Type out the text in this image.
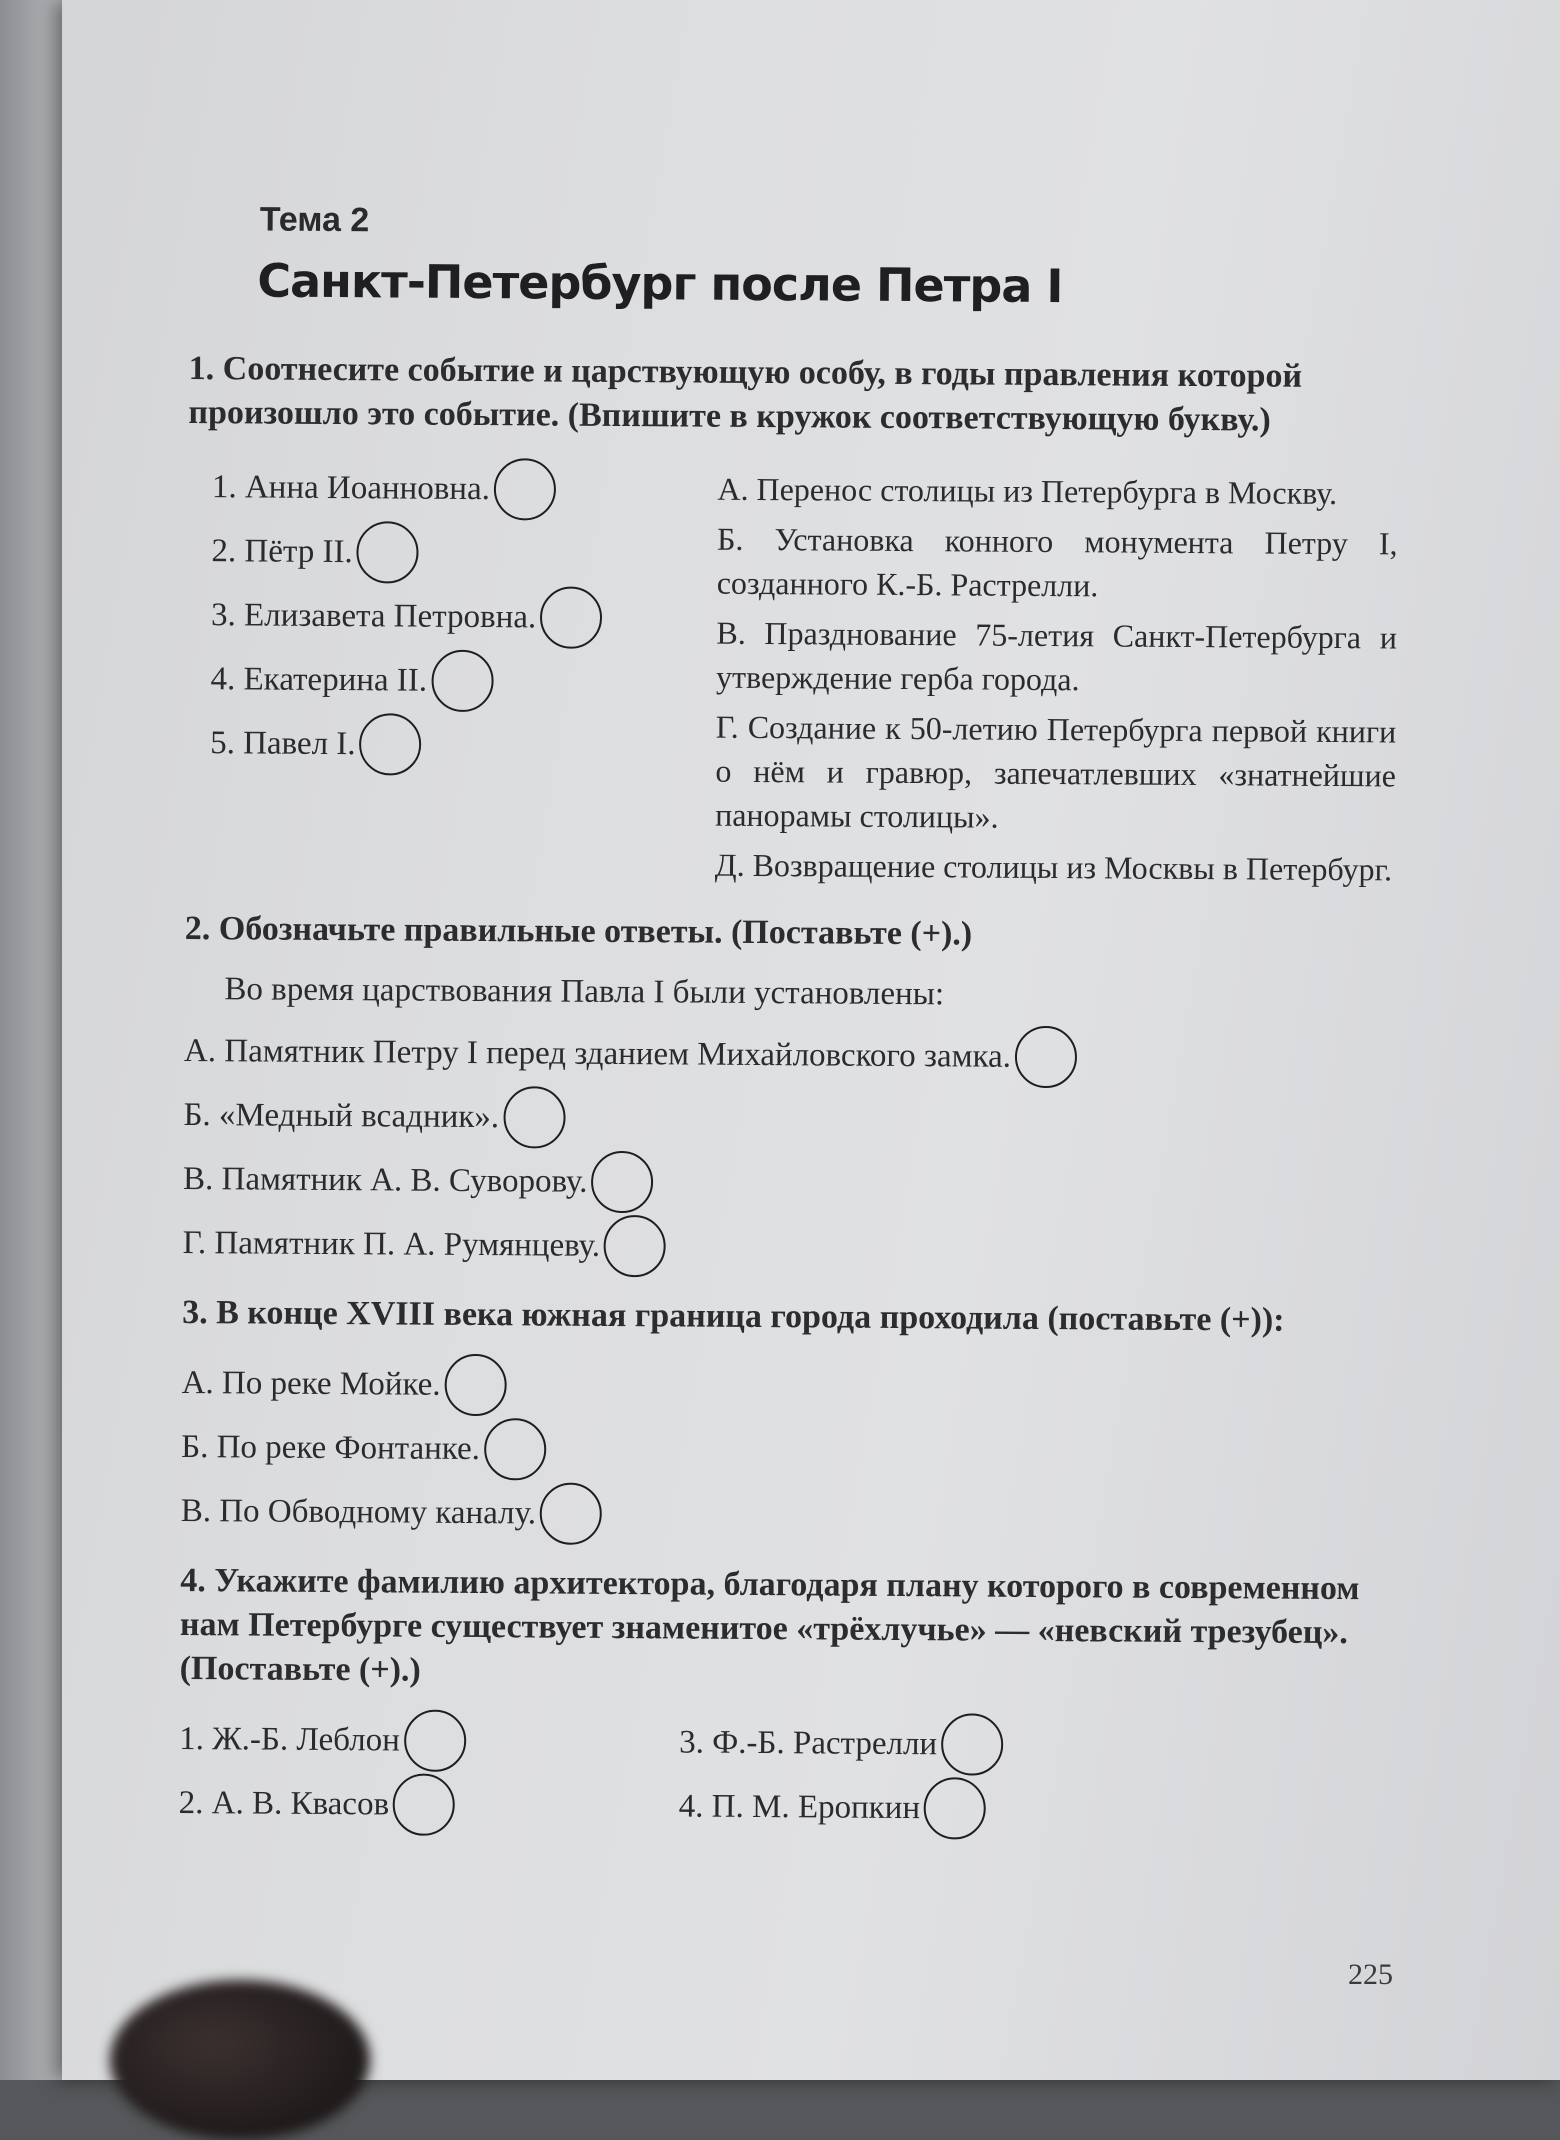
Тема 2
Санкт-Петербург после Петра I
1. Соотнесите событие и царствующую особу, в годы правления которой произошло это событие. (Впишите в кружок соответствующую букву.)
1. Анна Иоанновна.
2. Пётр II.
3. Елизавета Петровна.
4. Екатерина II.
5. Павел I.

А. Перенос столицы из Петербурга в Москву.

Б. Установка конного монумента Петру I, созданного К.-Б. Растрелли.

В. Празднование 75-летия Санкт-Петербурга и утверждение герба города.

Г. Создание к 50-летию Петербурга первой книги о нём и гравюр, запечатлевших «знатнейшие панорамы столицы».

Д. Возвращение столицы из Москвы в Петербург.

2. Обозначьте правильные ответы. (Поставьте (+).)
Во время царствования Павла I были установлены:
А. Памятник Петру I перед зданием Михайловского замка.
Б. «Медный всадник».
В. Памятник А. В. Суворову.
Г. Памятник П. А. Румянцеву.
3. В конце XVIII века южная граница города проходила (поставьте (+)):
А. По реке Мойке.
Б. По реке Фонтанке.
В. По Обводному каналу.
4. Укажите фамилию архитектора, благодаря плану которого в современном нам Петербурге существует знаменитое «трёхлучье» — «невский трезубец». (Поставьте (+).)
1. Ж.-Б. Леблон
2. А. В. Квасов
3. Ф.-Б. Растрелли
4. П. М. Еропкин
225
